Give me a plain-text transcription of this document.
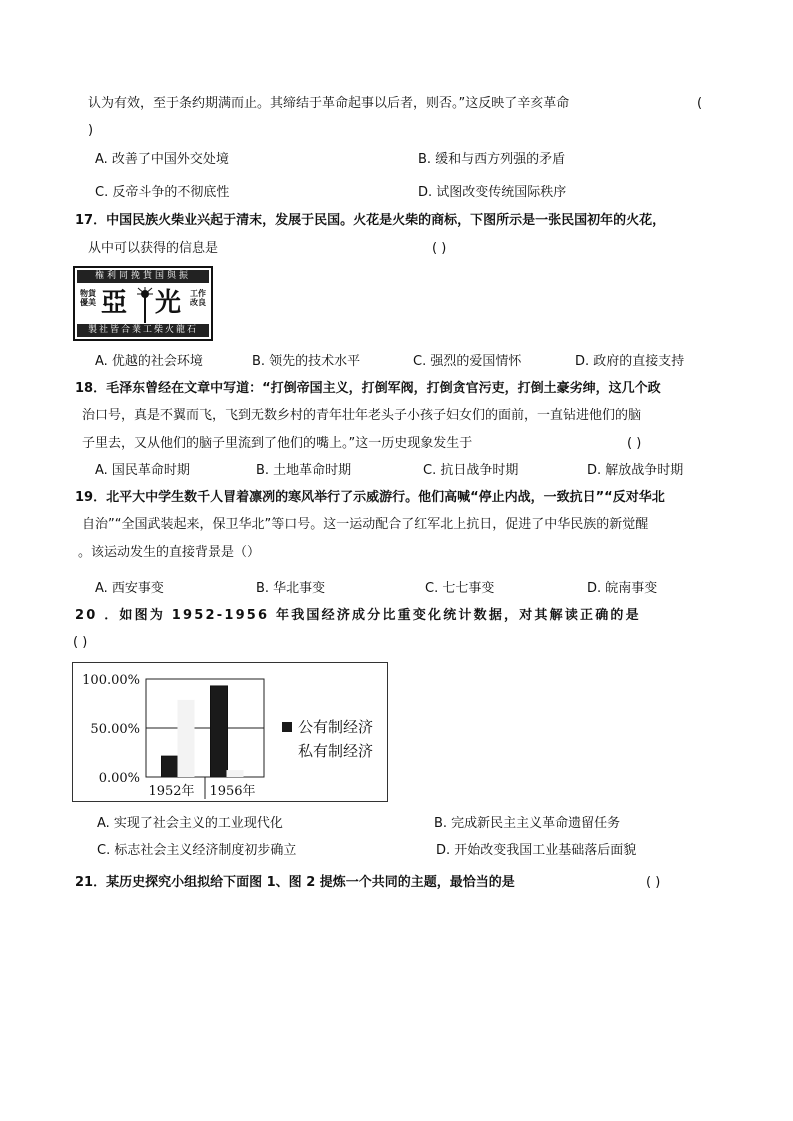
认为有效，至于条约期满而止。其缔结于革命起事以后者，则否。”这反映了辛亥革命	(
)
A. 改善了中国外交处境	B. 缓和与西方列强的矛盾
C. 反帝斗争的不彻底性	D. 试图改变传统国际秩序
17．中国民族火柴业兴起于清末，发展于民国。火花是火柴的商标，下图所示是一张民国初年的火花，
从中可以获得的信息是	( )
権利同挽貨国與振
物貨優美 亞 光 工作改良
製社皆合業工柴火龍石
A. 优越的社会环境	B. 领先的技术水平	C. 强烈的爱国情怀	D. 政府的直接支持
18．毛泽东曾经在文章中写道：“打倒帝国主义，打倒军阀，打倒贪官污吏，打倒土豪劣绅，这几个政
治口号，真是不翼而飞，飞到无数乡村的青年壮年老头子小孩子妇女们的面前，一直钻进他们的脑
子里去，又从他们的脑子里流到了他们的嘴上。”这一历史现象发生于	( )
A. 国民革命时期	B. 土地革命时期	C. 抗日战争时期	D. 解放战争时期
19．北平大中学生数千人冒着凛冽的寒风举行了示威游行。他们高喊“停止内战，一致抗日”“反对华北
自治”“全国武装起来，保卫华北”等口号。这一运动配合了红军北上抗日，促进了中华民族的新觉醒
。该运动发生的直接背景是（）
A. 西安事变	B. 华北事变	C. 七七事变	D. 皖南事变
20 ．如图为 1952-1956 年我国经济成分比重变化统计数据，对其解读正确的是
( )
100.00%
50.00%
0.00%
1952年 1956年
公有制经济
私有制经济
A. 实现了社会主义的工业现代化	B. 完成新民主主义革命遗留任务
C. 标志社会主义经济制度初步确立	D. 开始改变我国工业基础落后面貌
21．某历史探究小组拟给下面图 1、图 2 提炼一个共同的主题，最恰当的是	( )
